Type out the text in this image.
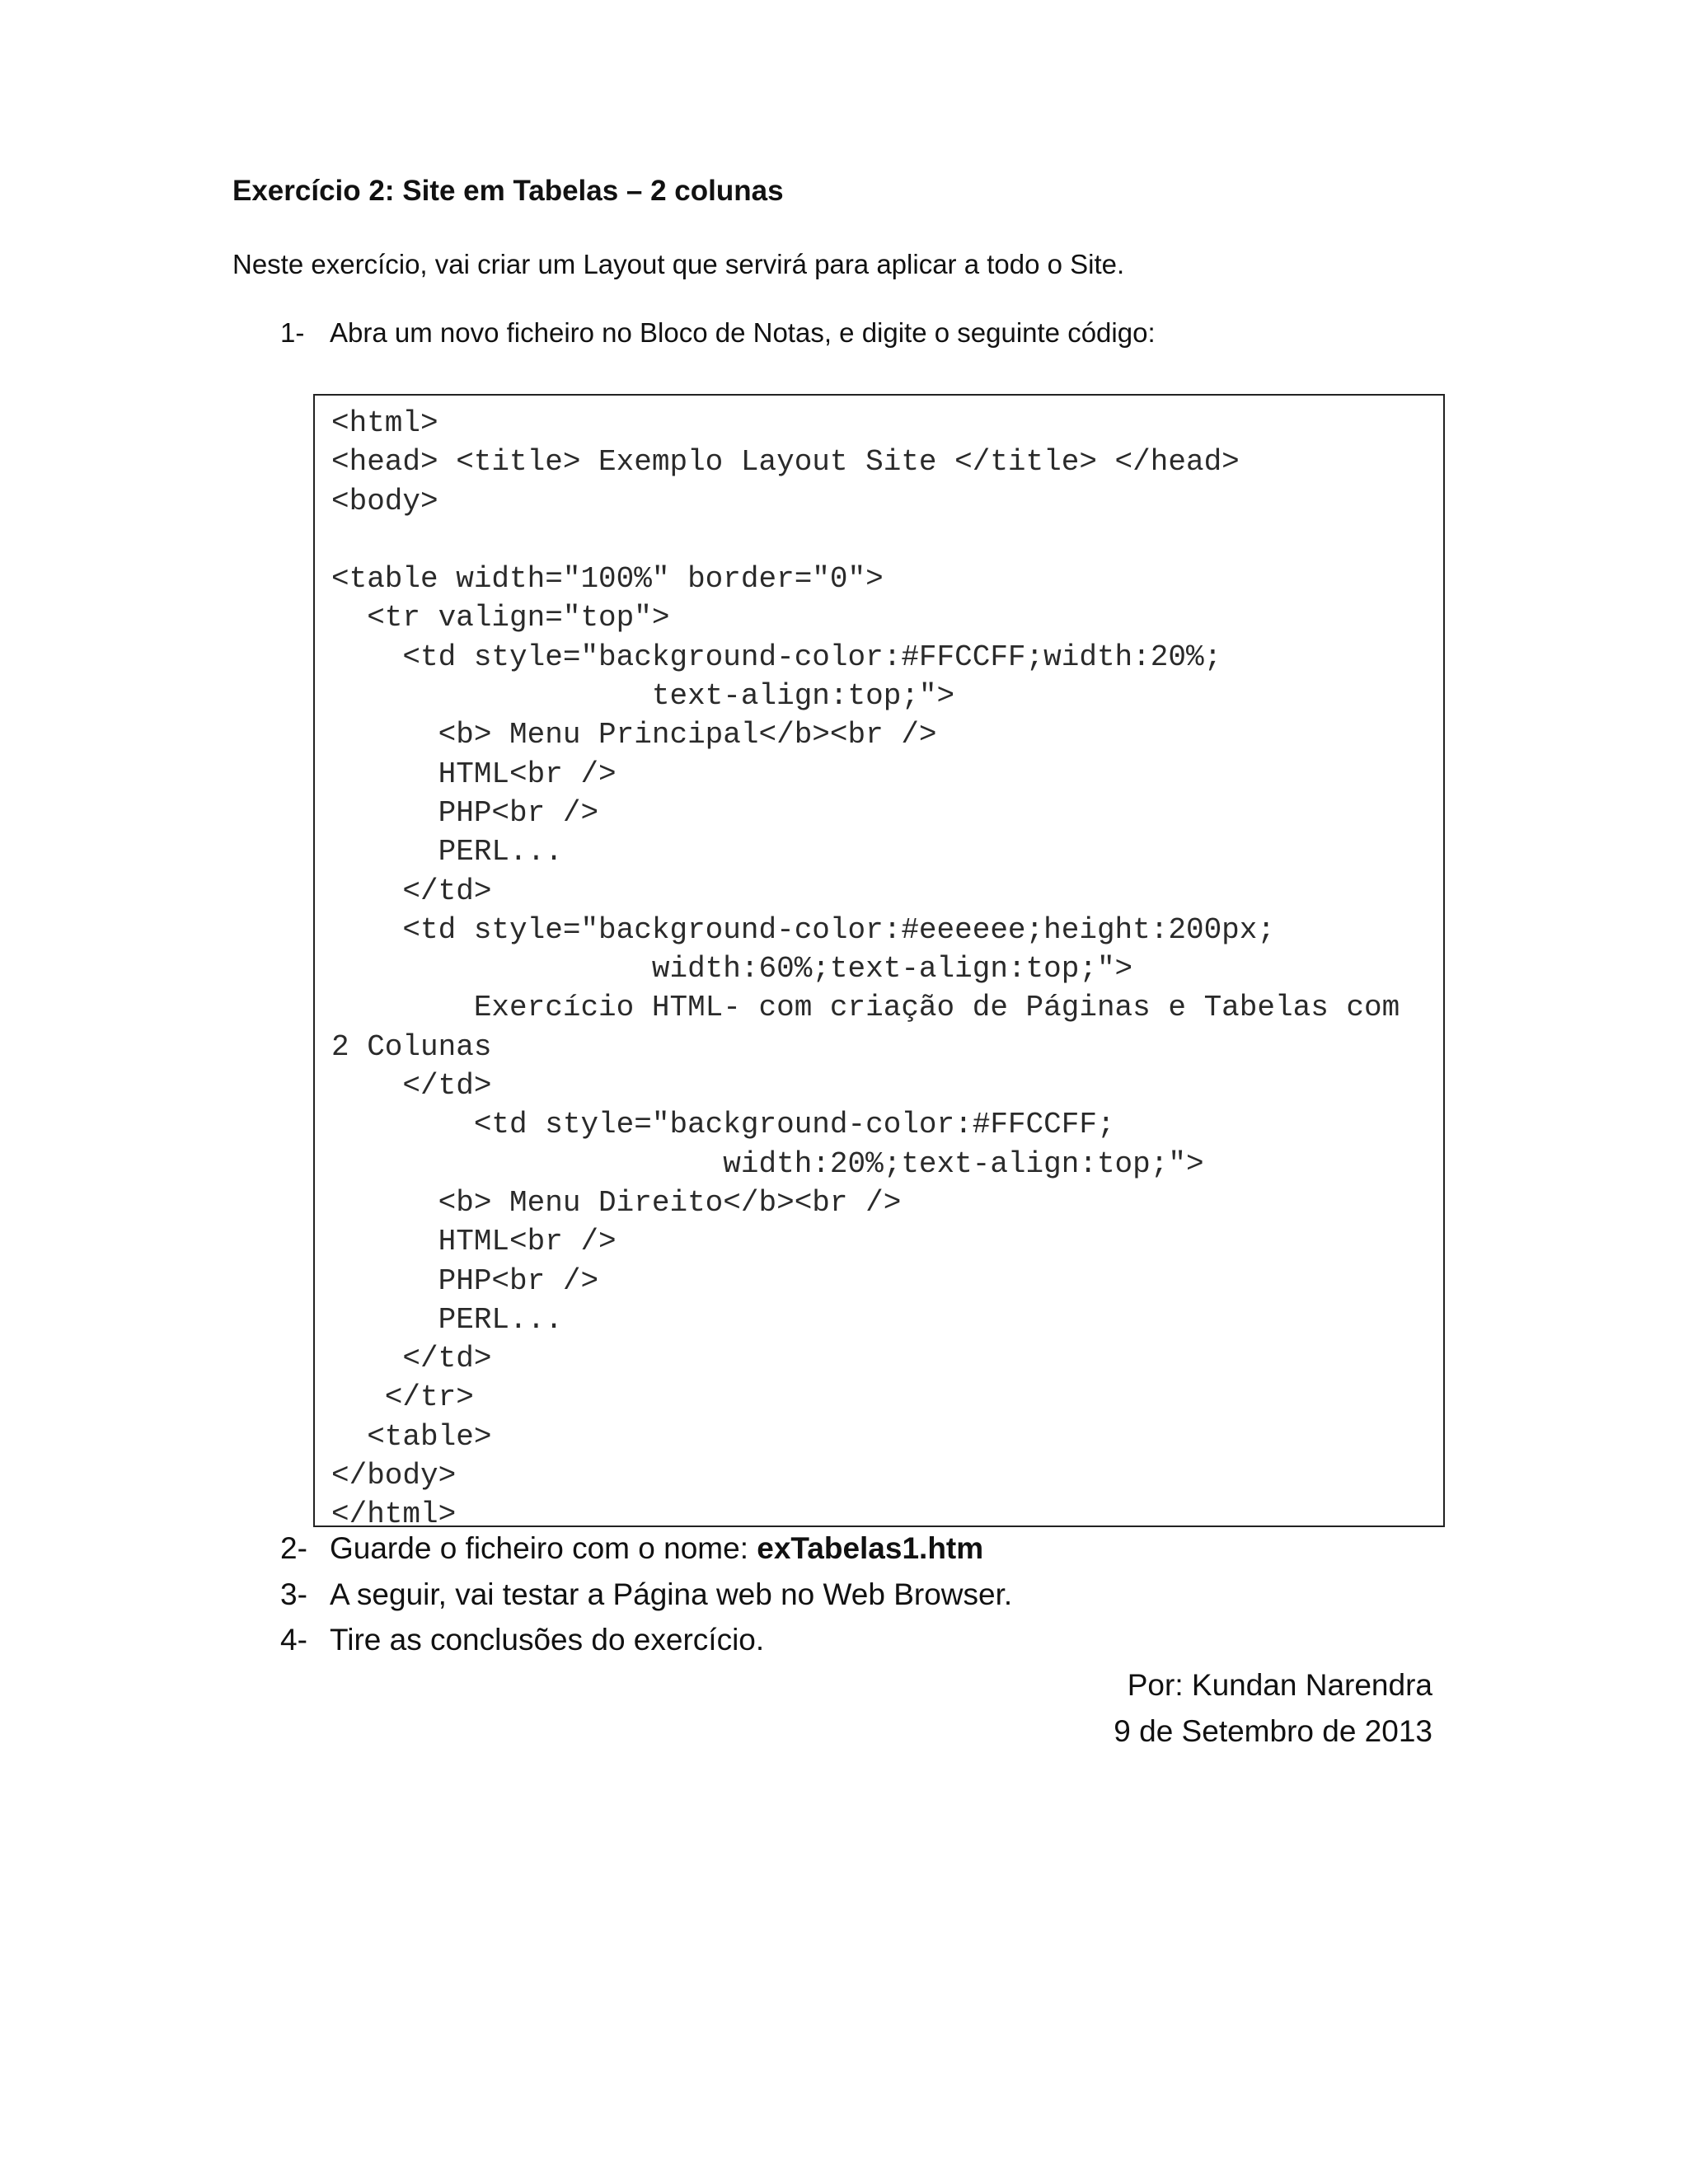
Exercício 2: Site em Tabelas – 2 colunas
Neste exercício, vai criar um Layout que servirá para aplicar a todo o Site.
1- Abra um novo ficheiro no Bloco de Notas, e digite o seguinte código:
<html>
<head> <title> Exemplo Layout Site </title> </head>
<body>
<table width="100%" border="0">
<tr valign="top">
<td style="background-color:#FFCCFF;width:20%;
text-align:top;">
<b> Menu Principal</b><br />
HTML<br />
PHP<br />
PERL...
</td>
<td style="background-color:#eeeeee;height:200px;
width:60%;text-align:top;">
Exercício HTML- com criação de Páginas e Tabelas com
2 Colunas
</td>
<td style="background-color:#FFCCFF;
width:20%;text-align:top;">
<b> Menu Direito</b><br />
HTML<br />
PHP<br />
PERL...
</td>
</tr>
<table>
</body>
</html>
2- Guarde o ficheiro com o nome: exTabelas1.htm
3- A seguir, vai testar a Página web no Web Browser.
4- Tire as conclusões do exercício.
Por: Kundan Narendra
9 de Setembro de 2013
